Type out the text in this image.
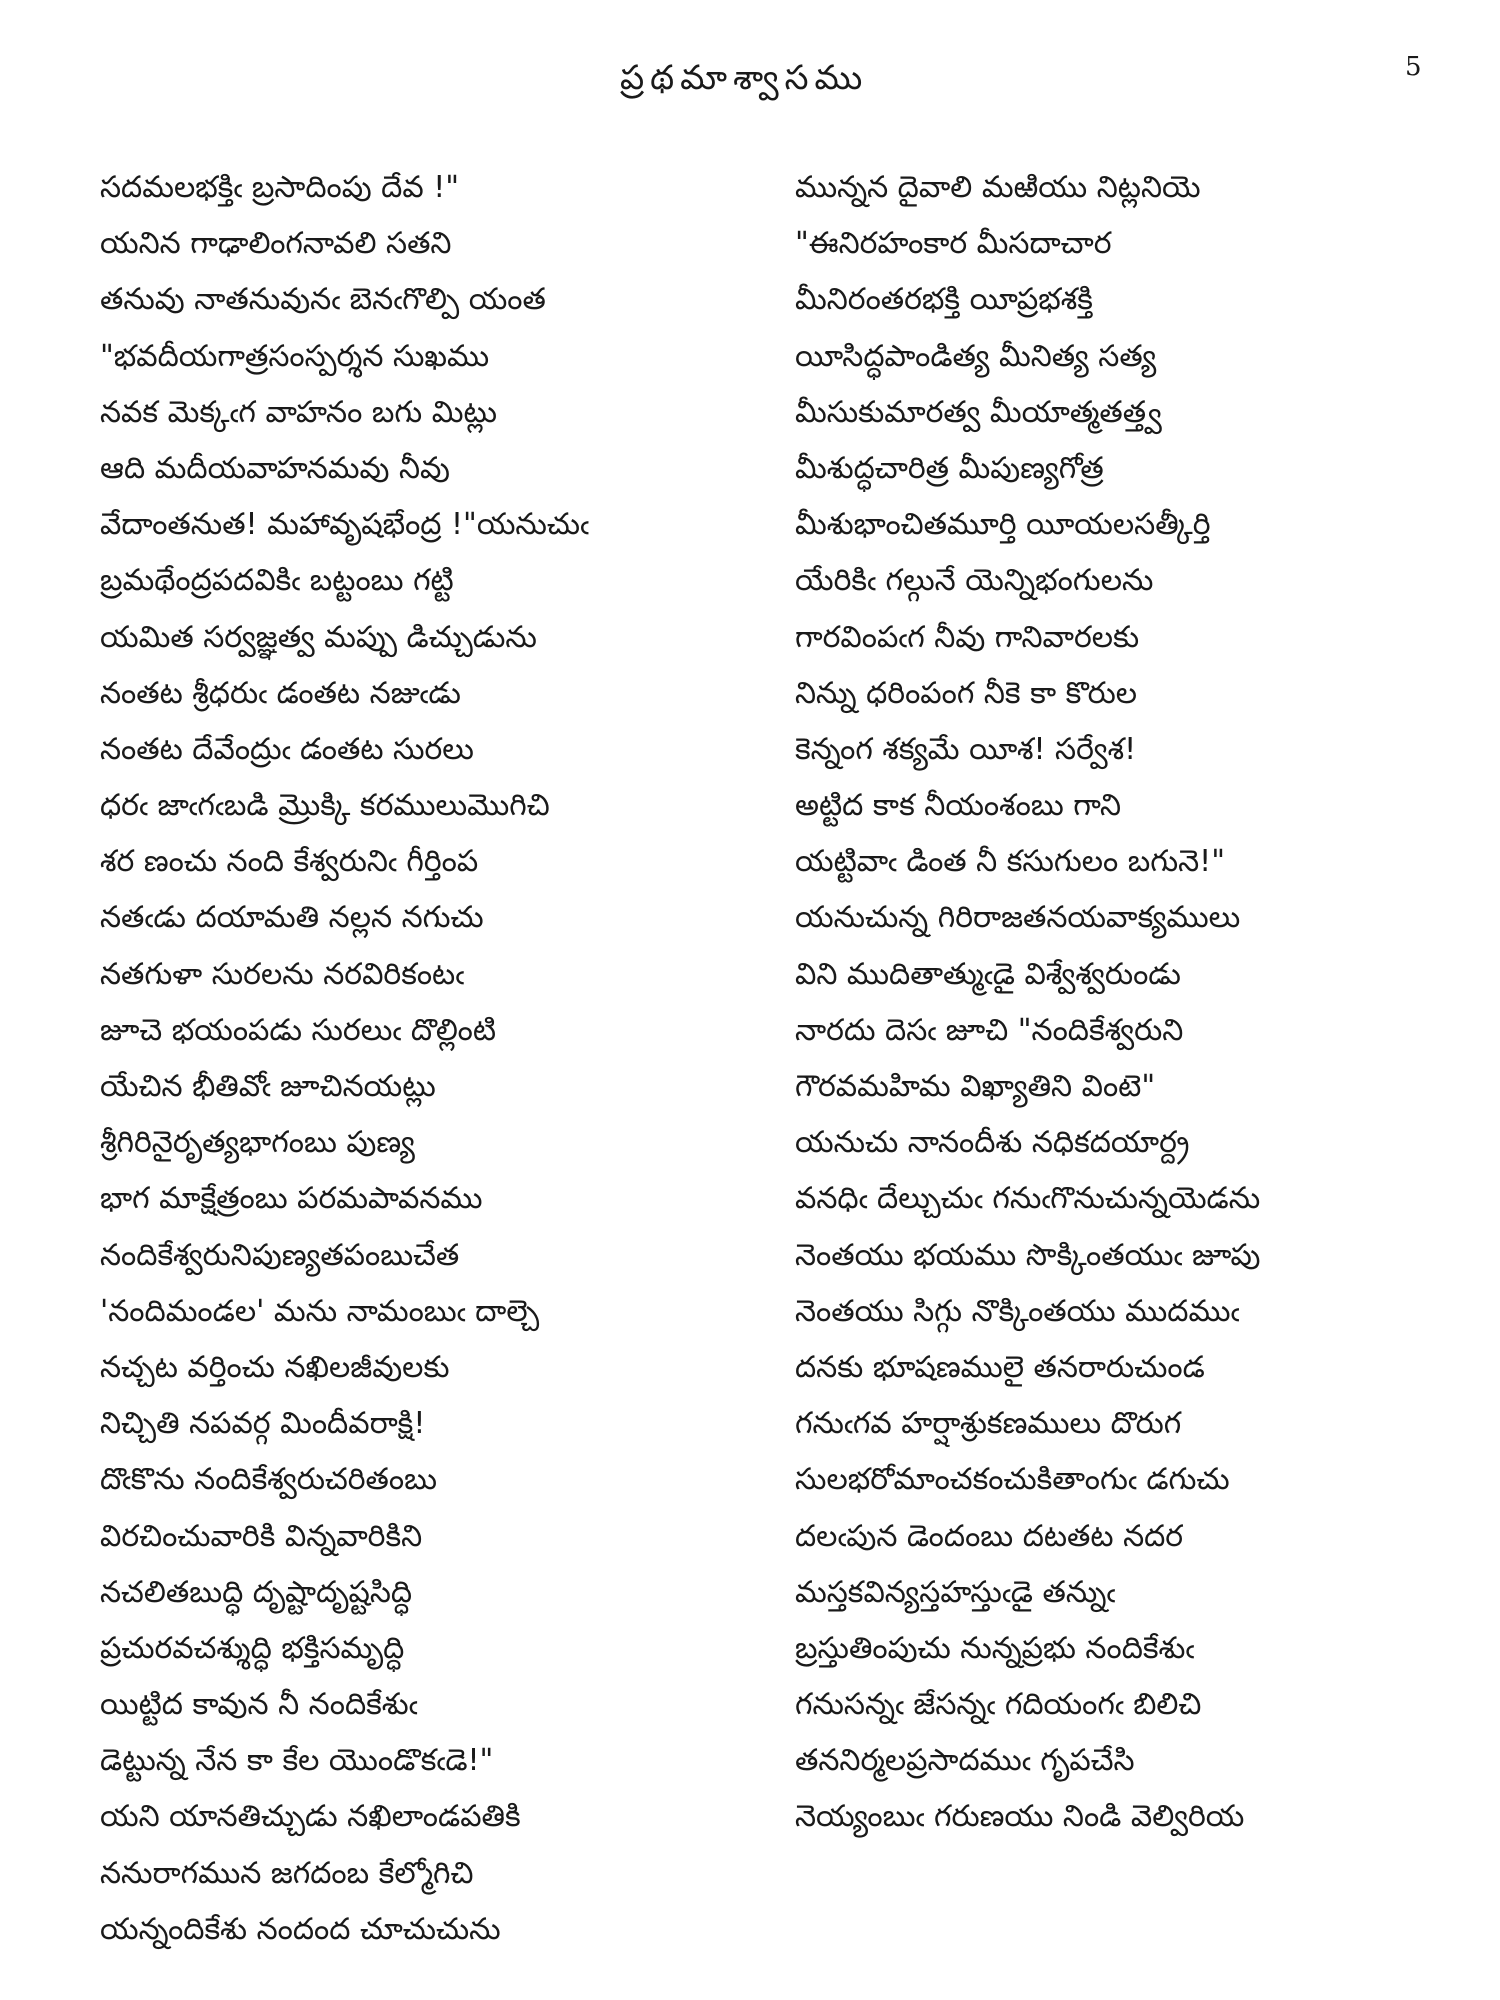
ప్రథమాశ్వాసము	5
సదమలభక్తిఁ బ్రసాదింపు దేవ !"
యనిన గాఢాలింగనావలి సతని
తనువు నాతనువునఁ బెనఁగొల్పి యంత
"భవదీయగాత్రసంస్పర్శన సుఖము
నవక మెక్కఁగ వాహనం బగు మిట్లు
ఆది మదీయవాహనమవు నీవు
వేదాంతనుత! మహావృషభేంద్ర !"యనుచుఁ
బ్రమథేంద్రపదవికిఁ బట్టంబు గట్టి
యమిత సర్వజ్ఞత్వ మప్పు డిచ్చుడును
నంతట శ్రీధరుఁ డంతట నజుఁడు
నంతట దేవేంద్రుఁ డంతట సురలు
ధరఁ జాఁగఁబడి మ్రొక్కి కరములుమొగిచి
శర ణంచు నంది కేశ్వరునిఁ గీర్తింప
నతఁడు దయామతి నల్లన నగుచు
నతగుళా సురలను నరవిరికంటఁ
జూచె భయంపడు సురలుఁ దొల్లింటి
యేచిన భీతివోఁ జూచినయట్లు
శ్రీగిరినైరృత్యభాగంబు పుణ్య
భాగ మాక్షేత్రంబు పరమపావనము
నందికేశ్వరునిపుణ్యతపంబుచేత
'నందిమండల' మను నామంబుఁ దాల్చె
నచ్చట వర్తించు నఖిలజీవులకు
నిచ్చితి నపవర్గ మిందీవరాక్షి!
దొఁకొను నందికేశ్వరుచరితంబు
విరచించువారికి విన్నవారికిని
నచలితబుద్ధి దృష్టాదృష్టసిద్ధి
ప్రచురవచశ్శుద్ధి భక్తిసమృద్ధి
యిట్టిద కావున నీ నందికేశుఁ
డెట్టున్న నేన కా కేల యొండొకఁడె!"
యని యానతిచ్చుడు నఖిలాండపతికి
ననురాగమున జగదంబ కేల్మోగిచి
యన్నందికేశు నందంద చూచుచును
మున్నన దైవాలి మఱియు నిట్లనియె
"ఈనిరహంకార మీసదాచార
మీనిరంతరభక్తి యీప్రభశక్తి
యీసిద్ధపాండిత్య మీనిత్య సత్య
మీసుకుమారత్వ మీయాత్మతత్త్వ
మీశుద్ధచారిత్ర మీపుణ్యగోత్ర
మీశుభాంచితమూర్తి యీయలసత్కీర్తి
యేరికిఁ గల్గునే యెన్నిభంగులను
గారవింపఁగ నీవు గానివారలకు
నిన్ను ధరింపంగ నీకె కా కొరుల
కెన్నంగ శక్యమే యీశ! సర్వేశ!
అట్టిద కాక నీయంశంబు గాని
యట్టివాఁ డింత నీ కసుగులం బగునె!"
యనుచున్న గిరిరాజతనయవాక్యములు
విని ముదితాత్ముఁడై విశ్వేశ్వరుండు
నారదు దెసఁ జూచి "నందికేశ్వరుని
గౌరవమహిమ విఖ్యాతిని వింటె"
యనుచు నానందీశు నధికదయార్ద్ర
వనధిఁ దేల్చుచుఁ గనుఁగొనుచున్నయెడను
నెంతయు భయము సొక్కింతయుఁ జూపు
నెంతయు సిగ్గు నొక్కింతయు ముదముఁ
దనకు భూషణములై తనరారుచుండ
గనుఁగవ హర్షాశ్రుకణములు దొరుగ
సులభరోమాంచకంచుకితాంగుఁ డగుచు
దలఁపున డెందంబు దటతట నదర
మస్తకవిన్యస్తహస్తుఁడై తన్నుఁ
బ్రస్తుతింపుచు నున్నప్రభు నందికేశుఁ
గనుసన్నఁ జేసన్నఁ గదియంగఁ బిలిచి
తననిర్మలప్రసాదముఁ గృపచేసి
నెయ్యంబుఁ గరుణయు నిండి వెల్విరియ
